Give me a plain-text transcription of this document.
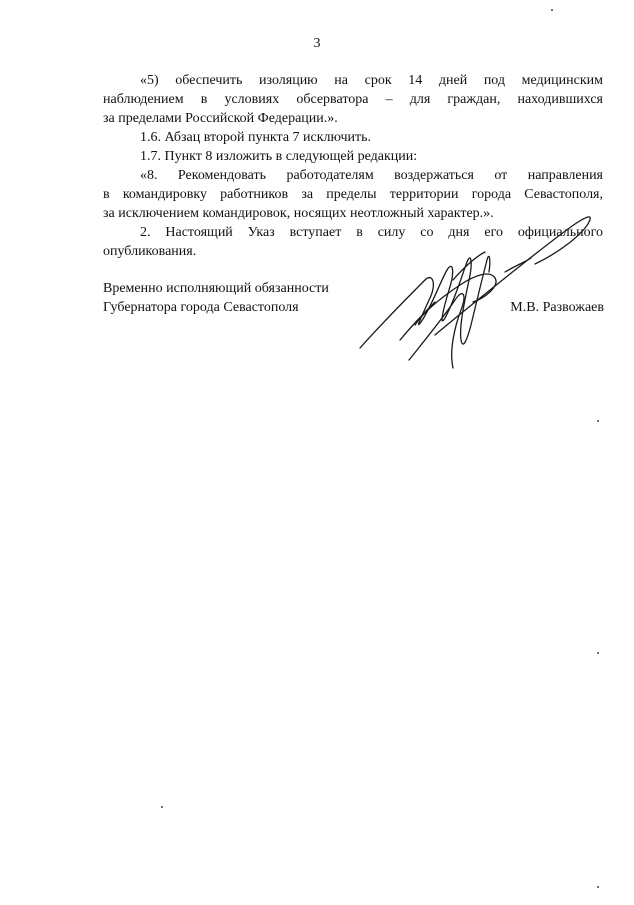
3
«5) обеспечить изоляцию на срок 14 дней под медицинским
наблюдением в условиях обсерватора – для граждан, находившихся
за пределами Российской Федерации.».
1.6. Абзац второй пункта 7 исключить.
1.7. Пункт 8 изложить в следующей редакции:
«8. Рекомендовать работодателям воздержаться от направления
в командировку работников за пределы территории города Севастополя,
за исключением командировок, носящих неотложный характер.».
2. Настоящий Указ вступает в силу со дня его официального
опубликования.
Временно исполняющий обязанности
Губернатора города Севастополя	М.В. Развожаев
